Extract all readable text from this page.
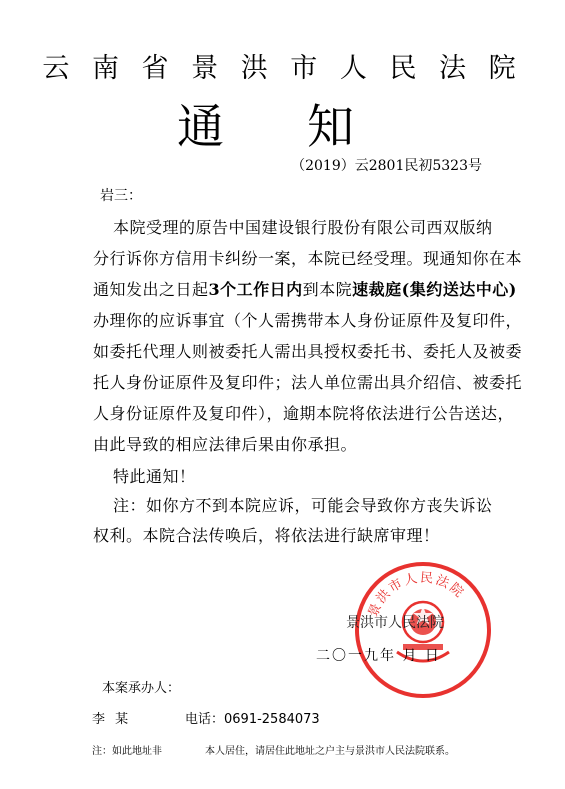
云 南 省 景 洪 市 人 民 法 院
通 知
（2019）云2801民初5323号
岩三：
本院受理的原告中国建设银行股份有限公司西双版纳
分行诉你方信用卡纠纷一案，本院已经受理。现通知你在本
通知发出之日起3个工作日内到本院速裁庭(集约送达中心)
办理你的应诉事宜（个人需携带本人身份证原件及复印件，
如委托代理人则被委托人需出具授权委托书、委托人及被委
托人身份证原件及复印件；法人单位需出具介绍信、被委托
人身份证原件及复印件），逾期本院将依法进行公告送达，
由此导致的相应法律后果由你承担。
特此通知！
注：如你方不到本院应诉，可能会导致你方丧失诉讼
权利。本院合法传唤后，将依法进行缺席审理！
景洪市人民法院
景洪市人民法院
二〇一九年 月 日
本案承办人：
李 某	电话：0691-2584073
注：如此地址非	本人居住，请居住此地址之户主与景洪市人民法院联系。
